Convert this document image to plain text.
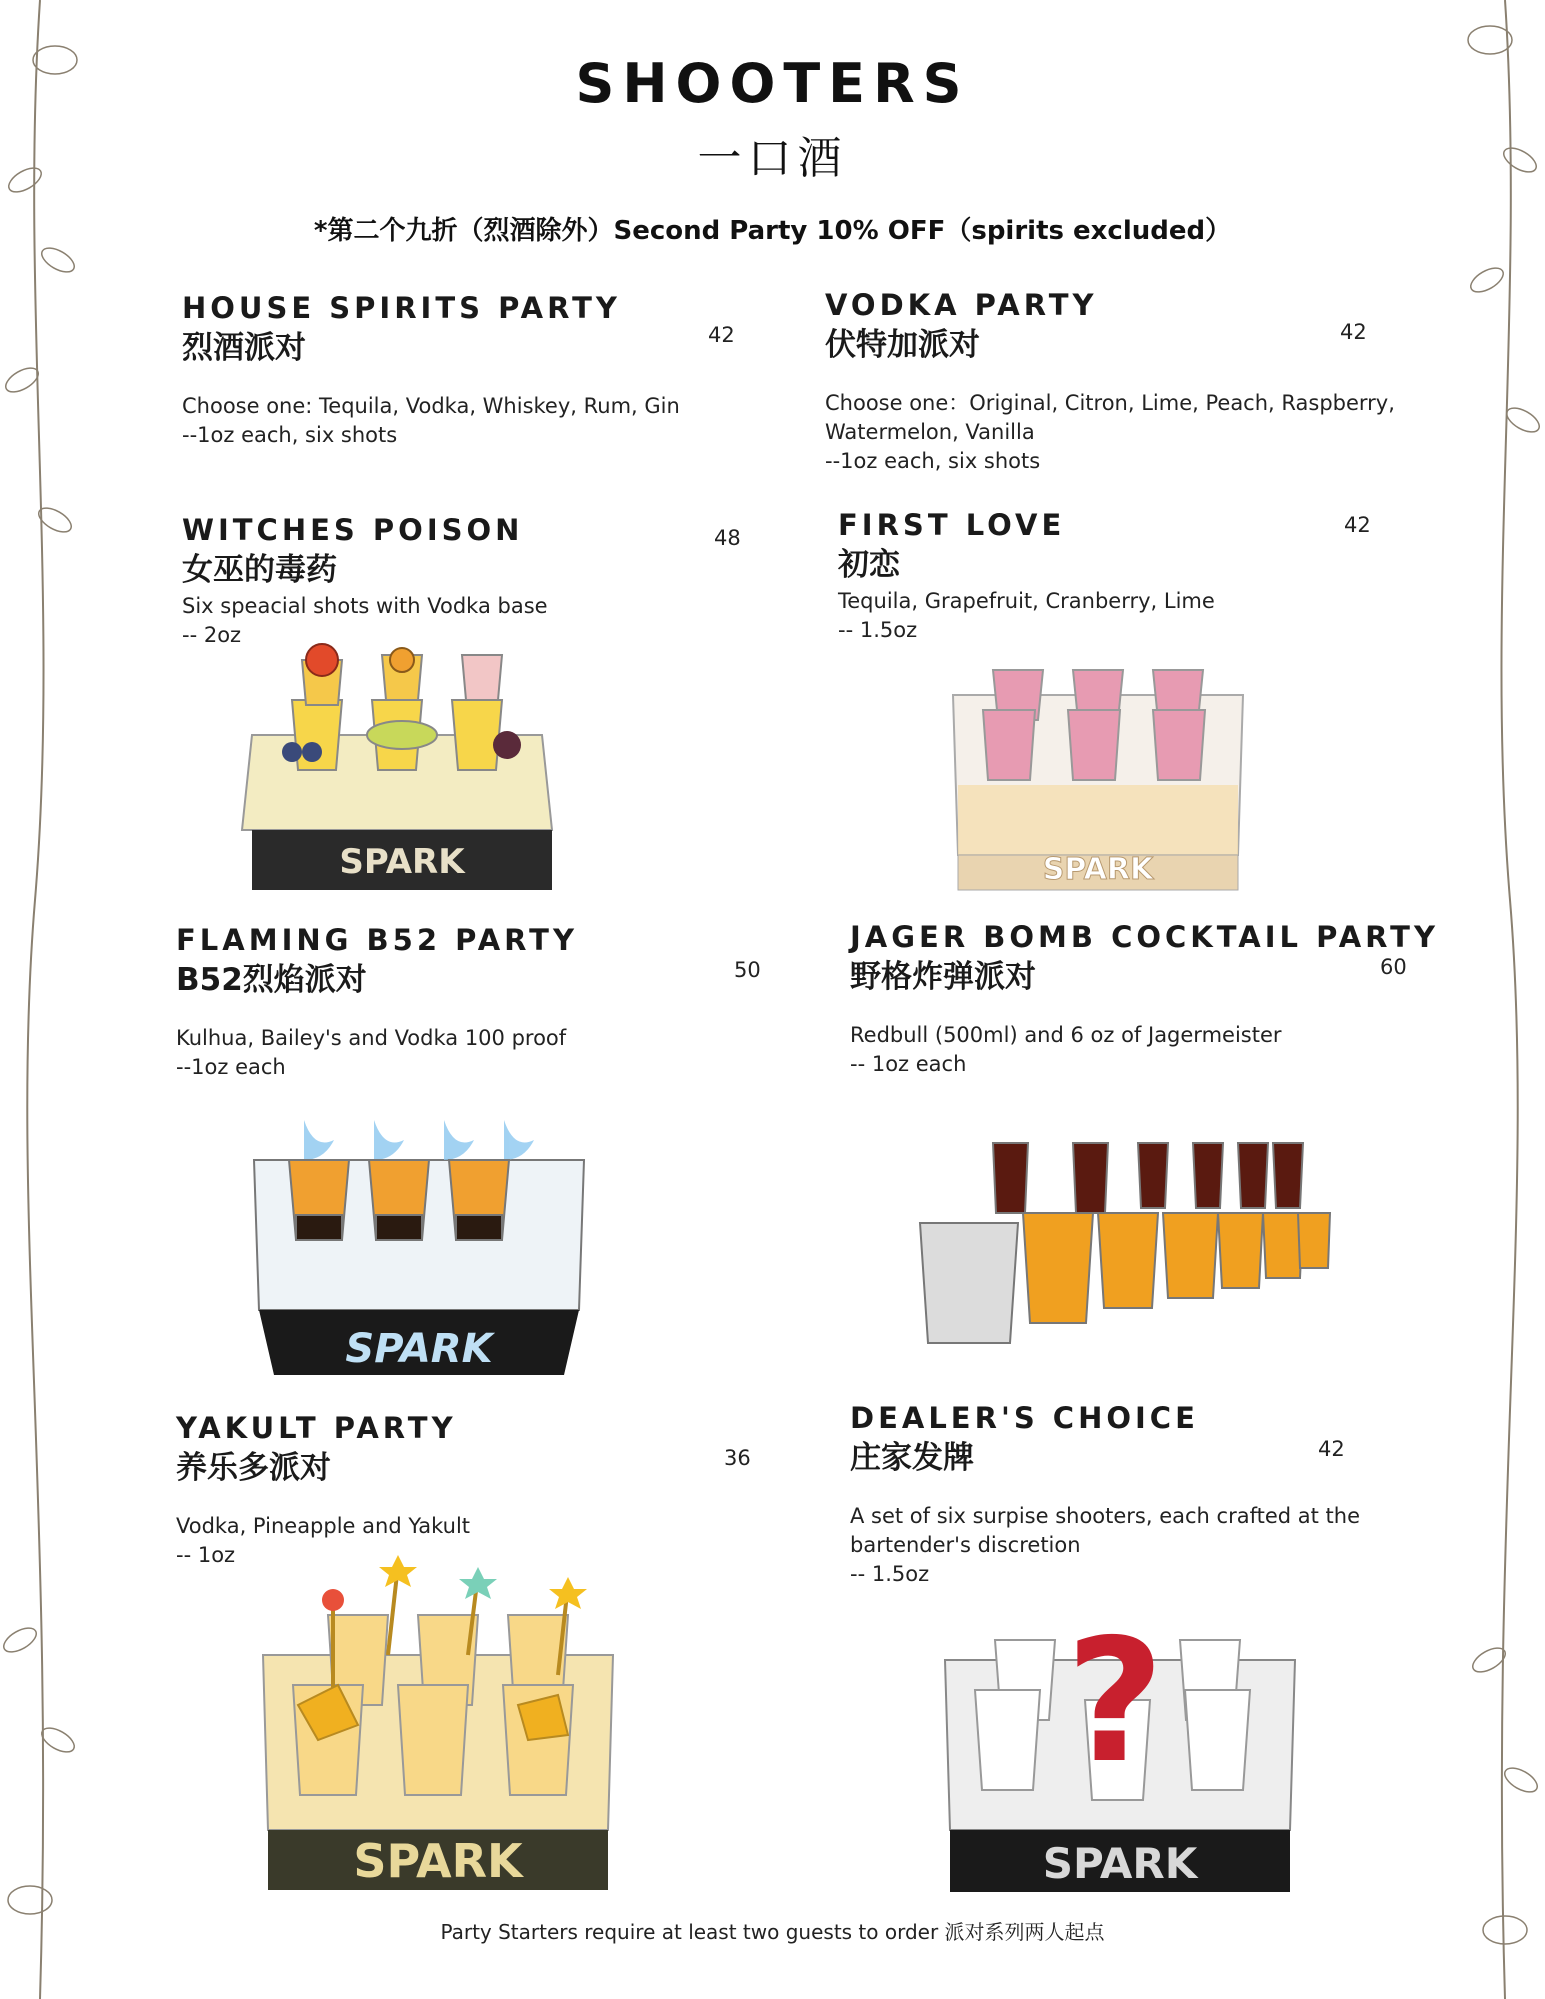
SHOOTERS
一口酒
*第二个九折（烈酒除外）Second Party 10% OFF（spirits excluded）
HOUSE SPIRITS PARTY
烈酒派对
Choose one: Tequila, Vodka, Whiskey, Rum, Gin
--1oz each, six shots
42
VODKA PARTY
伏特加派对
Choose one：Original, Citron, Lime, Peach, Raspberry,
Watermelon, Vanilla
--1oz each, six shots
42
WITCHES POISON
女巫的毒药
Six speacial shots with Vodka base
-- 2oz
48	FIRST LOVE
初恋
Tequila, Grapefruit, Cranberry, Lime
-- 1.5oz
42
FLAMING B52 PARTY
B52烈焰派对
Kulhua, Bailey's and Vodka 100 proof
--1oz each
50
JAGER BOMB COCKTAIL PARTY
野格炸弹派对
Redbull (500ml) and 6 oz of Jagermeister
-- 1oz each
60
YAKULT PARTY
养乐多派对
Vodka, Pineapple and Yakult
-- 1oz
36
DEALER'S CHOICE
庄家发牌
A set of six surpise shooters, each crafted at the
bartender's discretion
-- 1.5oz
42
SPARK	SPARK
SPARK
SPARK
?
SPARK
Party Starters require at least two guests to order 派对系列两人起点
